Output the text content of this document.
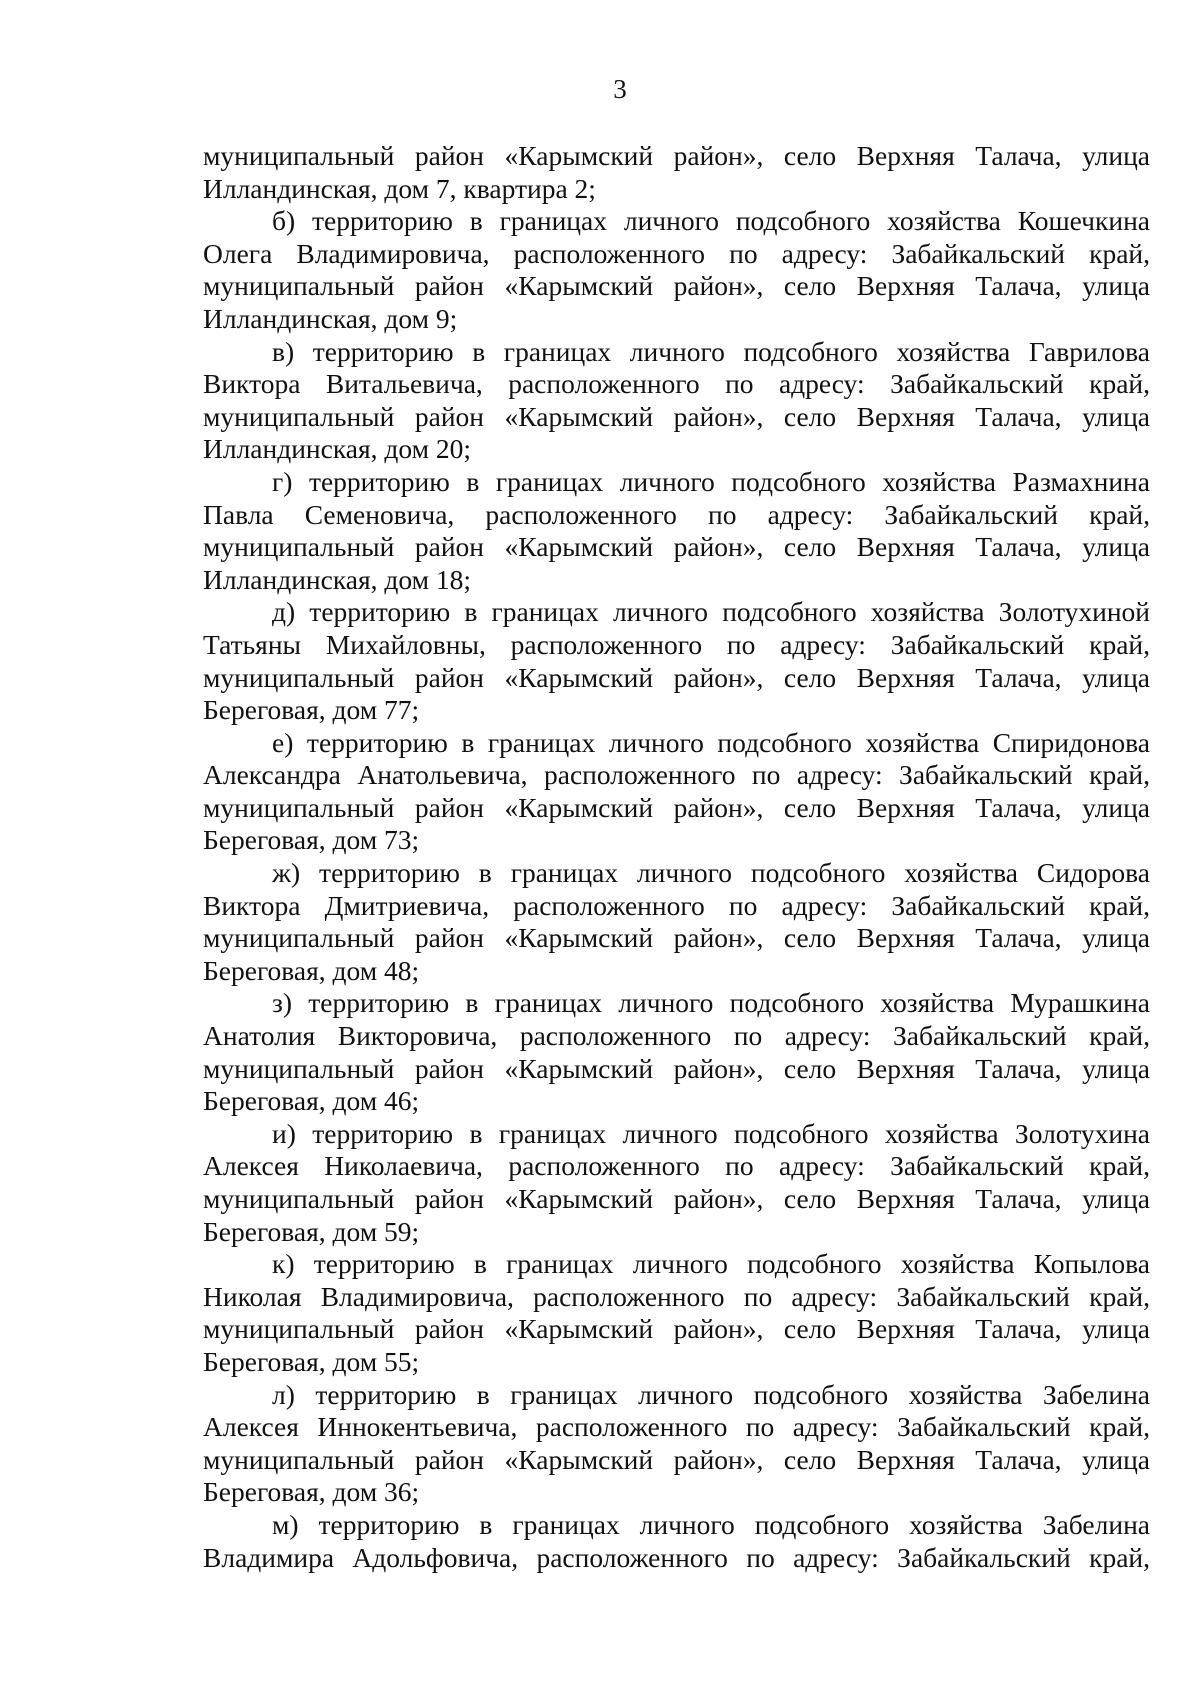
3

муниципальный район «Карымский район», село Верхняя Талача, улица Илландинская, дом 7, квартира 2;

б) территорию в границах личного подсобного хозяйства Кошечкина Олега Владимировича, расположенного по адресу: Забайкальский край, муниципальный район «Карымский район», село Верхняя Талача, улица Илландинская, дом 9;

в) территорию в границах личного подсобного хозяйства Гаврилова Виктора Витальевича, расположенного по адресу: Забайкальский край, муниципальный район «Карымский район», село Верхняя Талача, улица Илландинская, дом 20;

г) территорию в границах личного подсобного хозяйства Размахнина Павла Семеновича, расположенного по адресу: Забайкальский край, муниципальный район «Карымский район», село Верхняя Талача, улица Илландинская, дом 18;

д) территорию в границах личного подсобного хозяйства Золотухиной Татьяны Михайловны, расположенного по адресу: Забайкальский край, муниципальный район «Карымский район», село Верхняя Талача, улица Береговая, дом 77;

е) территорию в границах личного подсобного хозяйства Спиридонова Александра Анатольевича, расположенного по адресу: Забайкальский край, муниципальный район «Карымский район», село Верхняя Талача, улица Береговая, дом 73;

ж) территорию в границах личного подсобного хозяйства Сидорова Виктора Дмитриевича, расположенного по адресу: Забайкальский край, муниципальный район «Карымский район», село Верхняя Талача, улица Береговая, дом 48;

з) территорию в границах личного подсобного хозяйства Мурашкина Анатолия Викторовича, расположенного по адресу: Забайкальский край, муниципальный район «Карымский район», село Верхняя Талача, улица Береговая, дом 46;

и) территорию в границах личного подсобного хозяйства Золотухина Алексея Николаевича, расположенного по адресу: Забайкальский край, муниципальный район «Карымский район», село Верхняя Талача, улица Береговая, дом 59;

к) территорию в границах личного подсобного хозяйства Копылова Николая Владимировича, расположенного по адресу: Забайкальский край, муниципальный район «Карымский район», село Верхняя Талача, улица Береговая, дом 55;

л) территорию в границах личного подсобного хозяйства Забелина Алексея Иннокентьевича, расположенного по адресу: Забайкальский край, муниципальный район «Карымский район», село Верхняя Талача, улица Береговая, дом 36;

м) территорию в границах личного подсобного хозяйства Забелина Владимира Адольфовича, расположенного по адресу: Забайкальский край,
